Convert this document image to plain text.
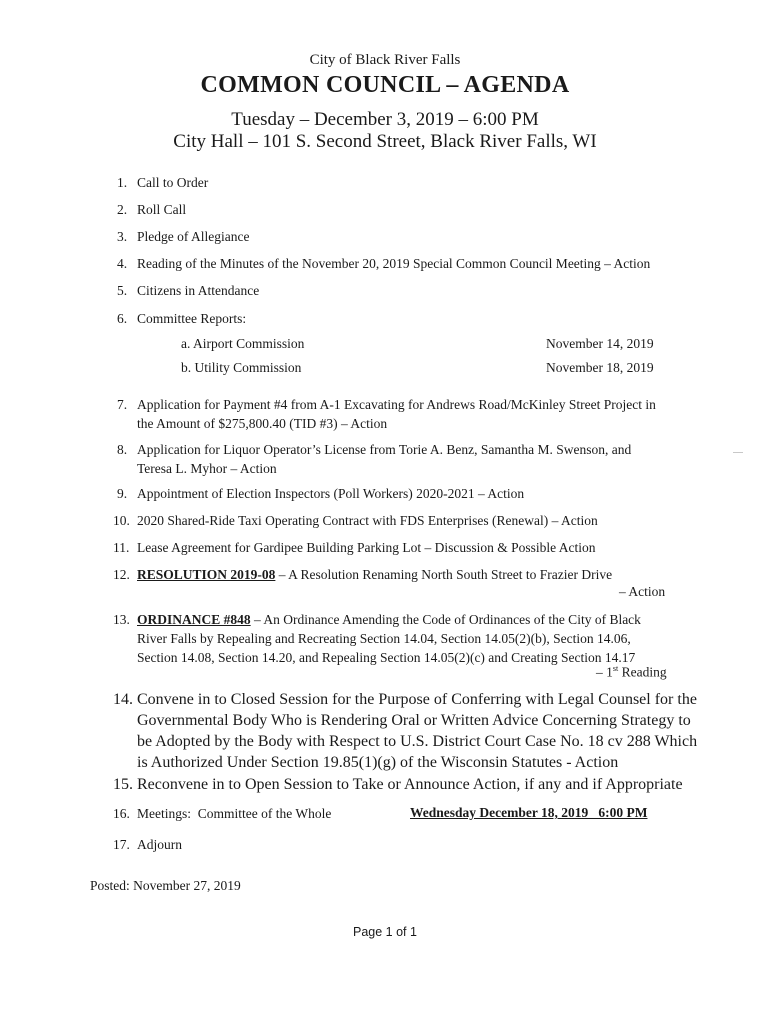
City of Black River Falls
COMMON COUNCIL – AGENDA
Tuesday – December 3, 2019 – 6:00 PM
City Hall – 101 S. Second Street, Black River Falls, WI
1. Call to Order
2. Roll Call
3. Pledge of Allegiance
4. Reading of the Minutes of the November 20, 2019 Special Common Council Meeting – Action
5. Citizens in Attendance
6. Committee Reports:
a. Airport Commission	November 14, 2019
b. Utility Commission	November 18, 2019
7. Application for Payment #4 from A-1 Excavating for Andrews Road/McKinley Street Project in
the Amount of $275,800.40 (TID #3) – Action
8. Application for Liquor Operator’s License from Torie A. Benz, Samantha M. Swenson, and
Teresa L. Myhor – Action
9. Appointment of Election Inspectors (Poll Workers) 2020-2021 – Action
10. 2020 Shared-Ride Taxi Operating Contract with FDS Enterprises (Renewal) – Action
11. Lease Agreement for Gardipee Building Parking Lot – Discussion & Possible Action
12. RESOLUTION 2019-08 – A Resolution Renaming North South Street to Frazier Drive
– Action
13. ORDINANCE #848 – An Ordinance Amending the Code of Ordinances of the City of Black
River Falls by Repealing and Recreating Section 14.04, Section 14.05(2)(b), Section 14.06,
Section 14.08, Section 14.20, and Repealing Section 14.05(2)(c) and Creating Section 14.17
– 1st Reading
14. Convene in to Closed Session for the Purpose of Conferring with Legal Counsel for the
Governmental Body Who is Rendering Oral or Written Advice Concerning Strategy to
be Adopted by the Body with Respect to U.S. District Court Case No. 18 cv 288 Which
is Authorized Under Section 19.85(1)(g) of the Wisconsin Statutes - Action
15. Reconvene in to Open Session to Take or Announce Action, if any and if Appropriate
16. Meetings:  Committee of the Whole	Wednesday December 18, 2019   6:00 PM
17. Adjourn
Posted: November 27, 2019
Page 1 of 1
